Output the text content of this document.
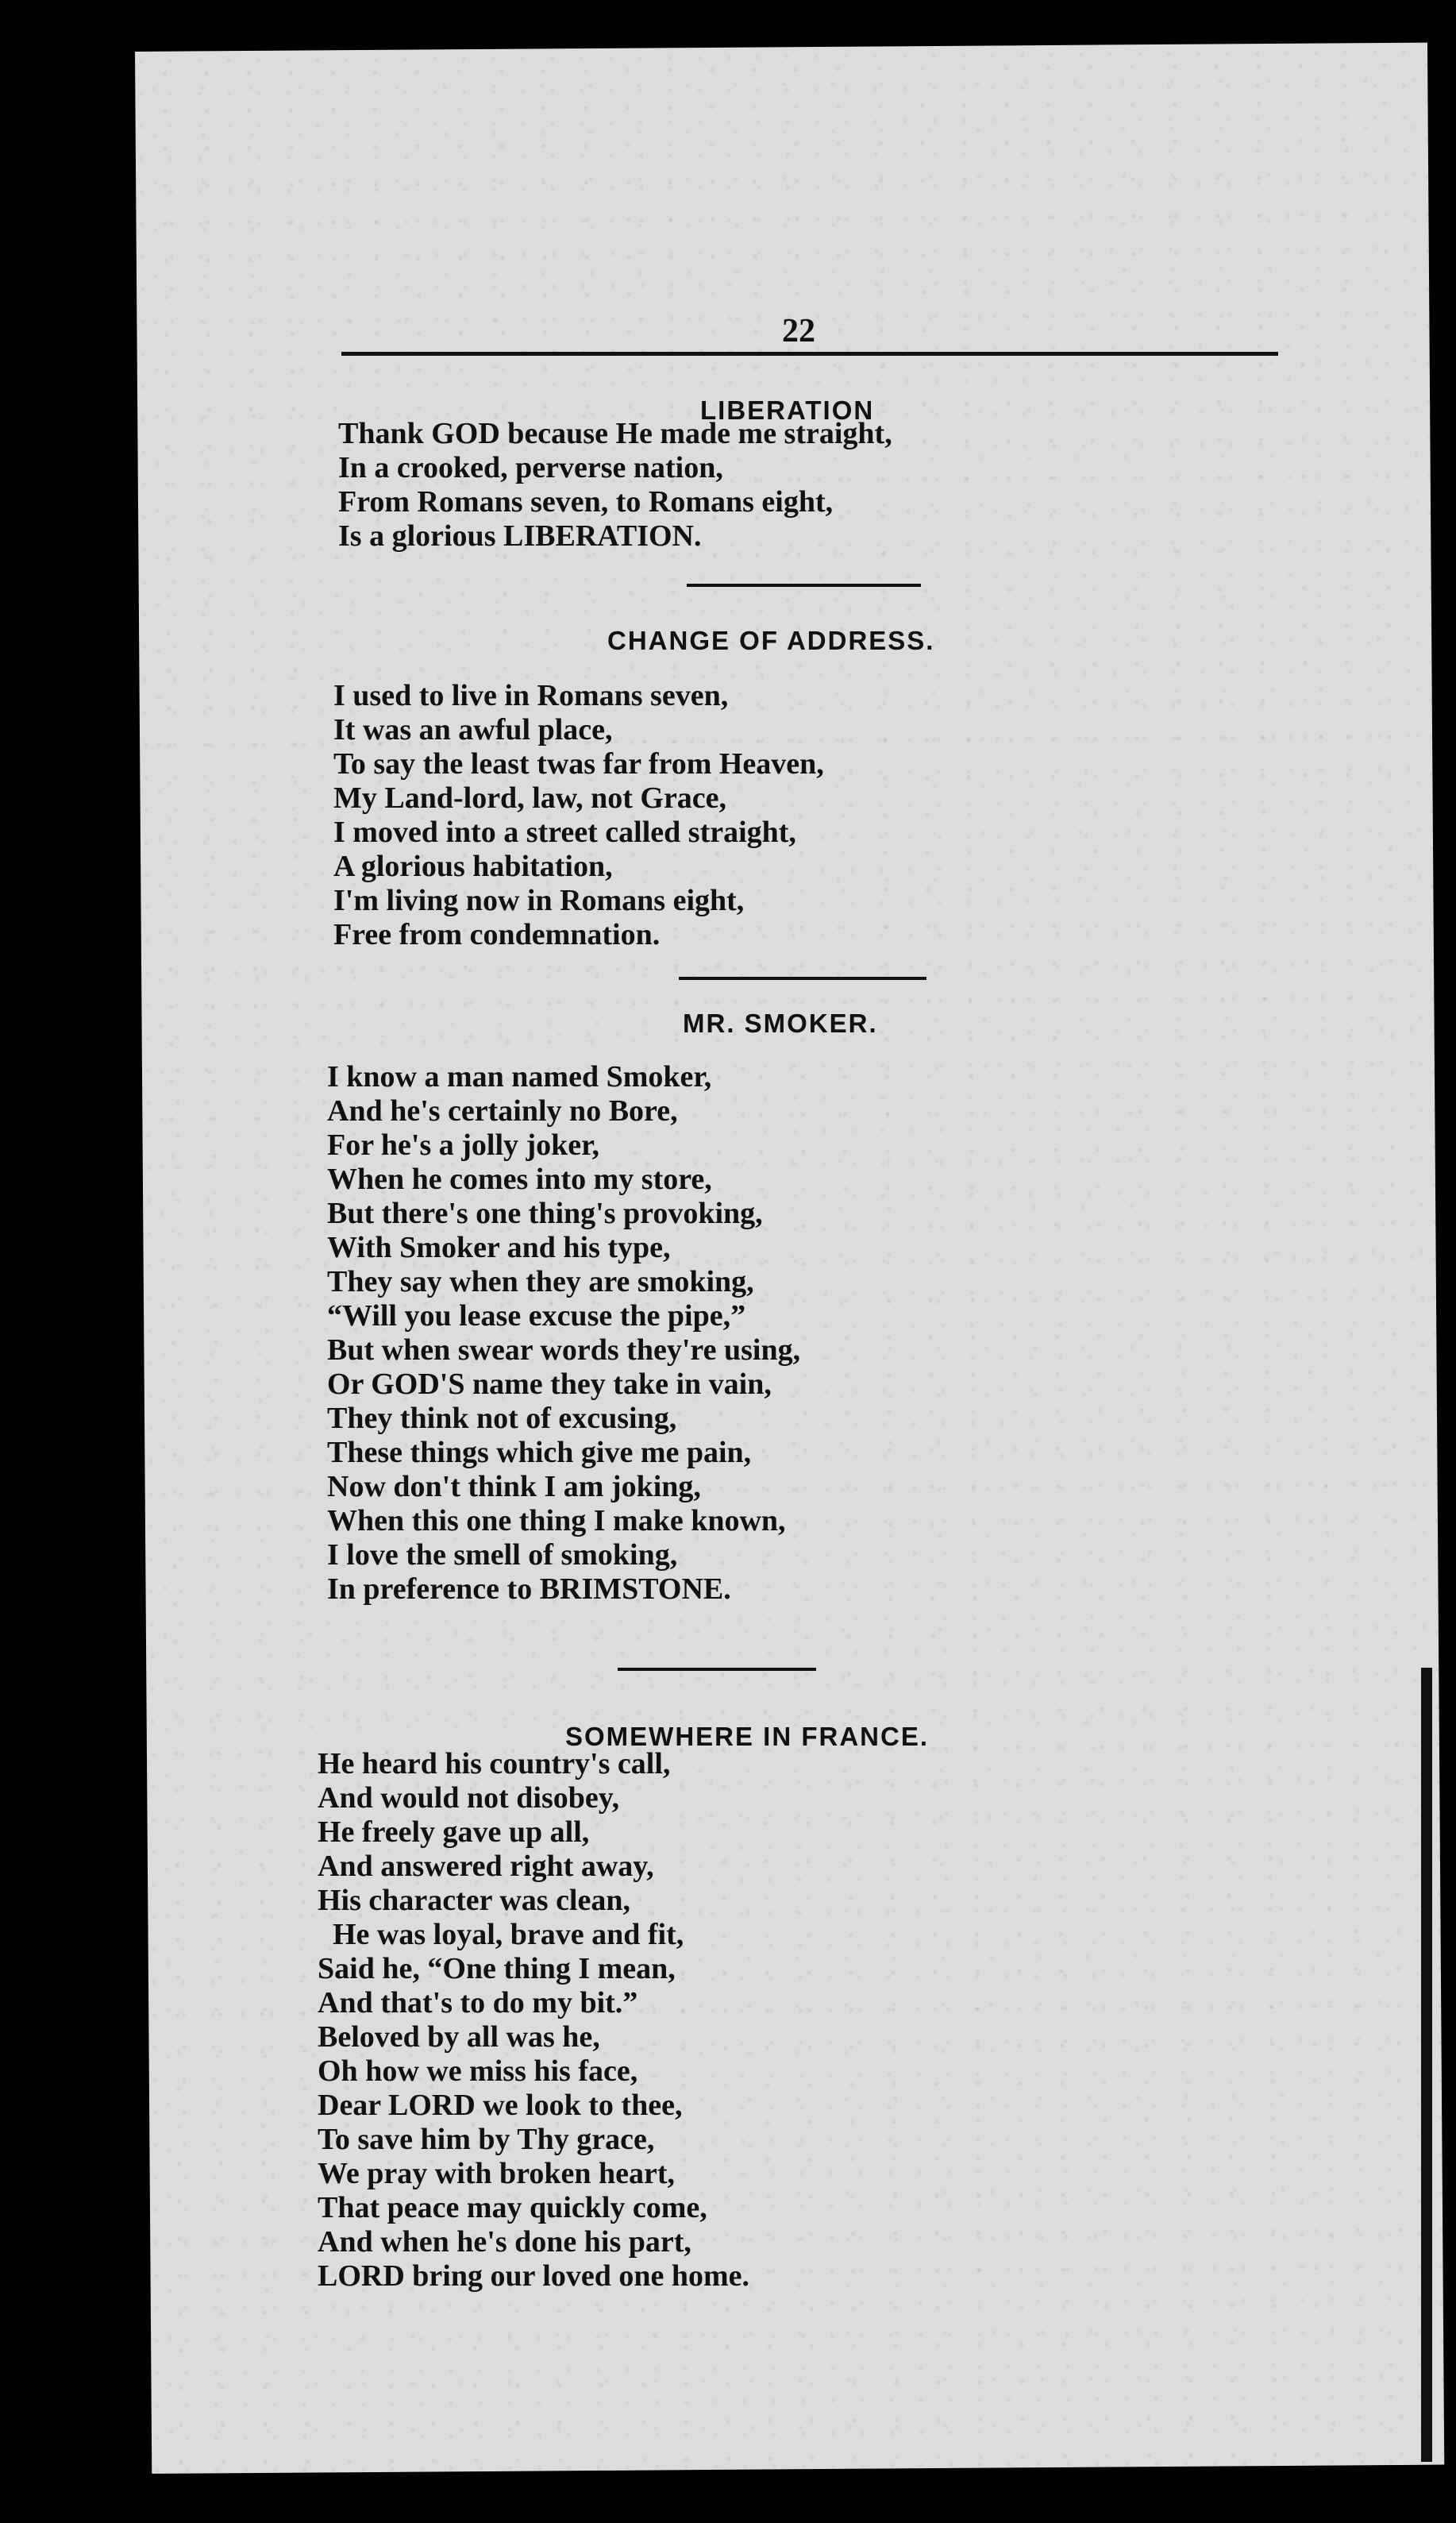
22
LIBERATION
Thank GOD because He made me straight,
In a crooked, perverse nation,
From Romans seven, to Romans eight,
Is a glorious LIBERATION.
CHANGE OF ADDRESS.
I used to live in Romans seven,
It was an awful place,
To say the least twas far from Heaven,
My Land-lord, law, not Grace,
I moved into a street called straight,
A glorious habitation,
I'm living now in Romans eight,
Free from condemnation.
MR. SMOKER.
I know a man named Smoker,
And he's certainly no Bore,
For he's a jolly joker,
When he comes into my store,
But there's one thing's provoking,
With Smoker and his type,
They say when they are smoking,
“Will you lease excuse the pipe,”
But when swear words they're using,
Or GOD'S name they take in vain,
They think not of excusing,
These things which give me pain,
Now don't think I am joking,
When this one thing I make known,
I love the smell of smoking,
In preference to BRIMSTONE.
SOMEWHERE IN FRANCE.
He heard his country's call,
And would not disobey,
He freely gave up all,
And answered right away,
His character was clean,
He was loyal, brave and fit,
Said he, “One thing I mean,
And that's to do my bit.”
Beloved by all was he,
Oh how we miss his face,
Dear LORD we look to thee,
To save him by Thy grace,
We pray with broken heart,
That peace may quickly come,
And when he's done his part,
LORD bring our loved one home.
